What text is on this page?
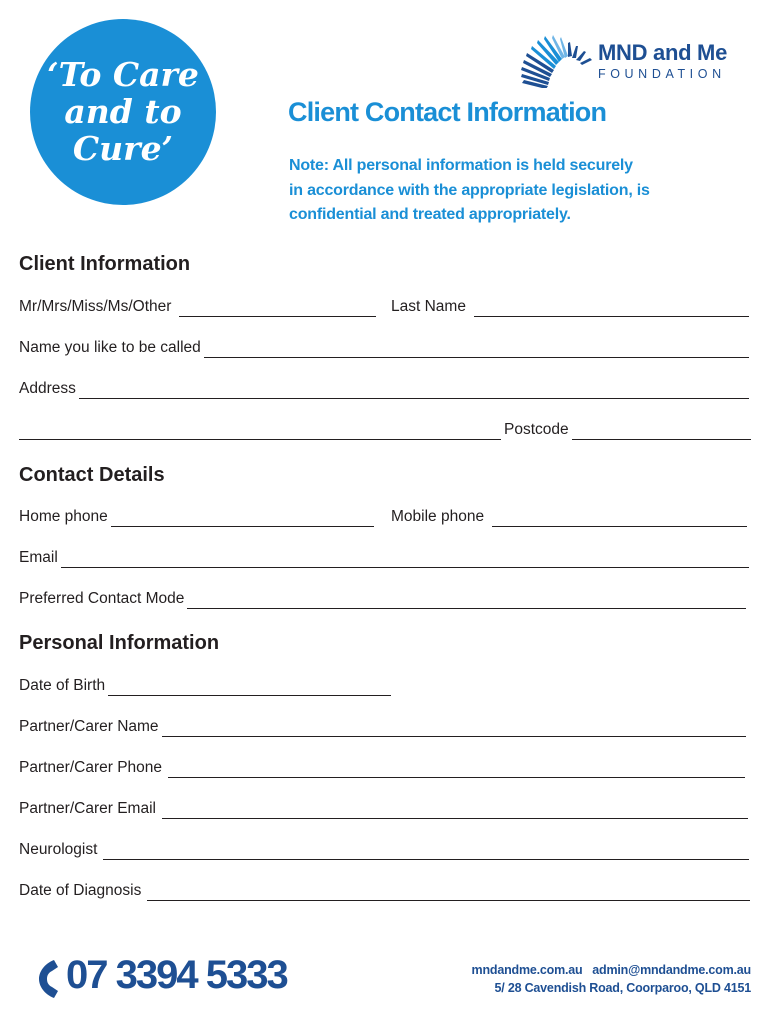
‘To Care
and to
Cure’
MND and Me
FOUNDATION
Client Contact Information
Note: All personal information is held securely
in accordance with the appropriate legislation, is
confidential and treated appropriately.
Client Information
Mr/Mrs/Miss/Ms/Other	Last Name
Name you like to be called
Address
Postcode
Contact Details
Home phone	Mobile phone
Email
Preferred Contact Mode
Personal Information
Date of Birth
Partner/Carer Name
Partner/Carer Phone
Partner/Carer Email
Neurologist
Date of Diagnosis
07 3394 5333	mndandme.com.au admin@mndandme.com.au
5/ 28 Cavendish Road, Coorparoo, QLD 4151
